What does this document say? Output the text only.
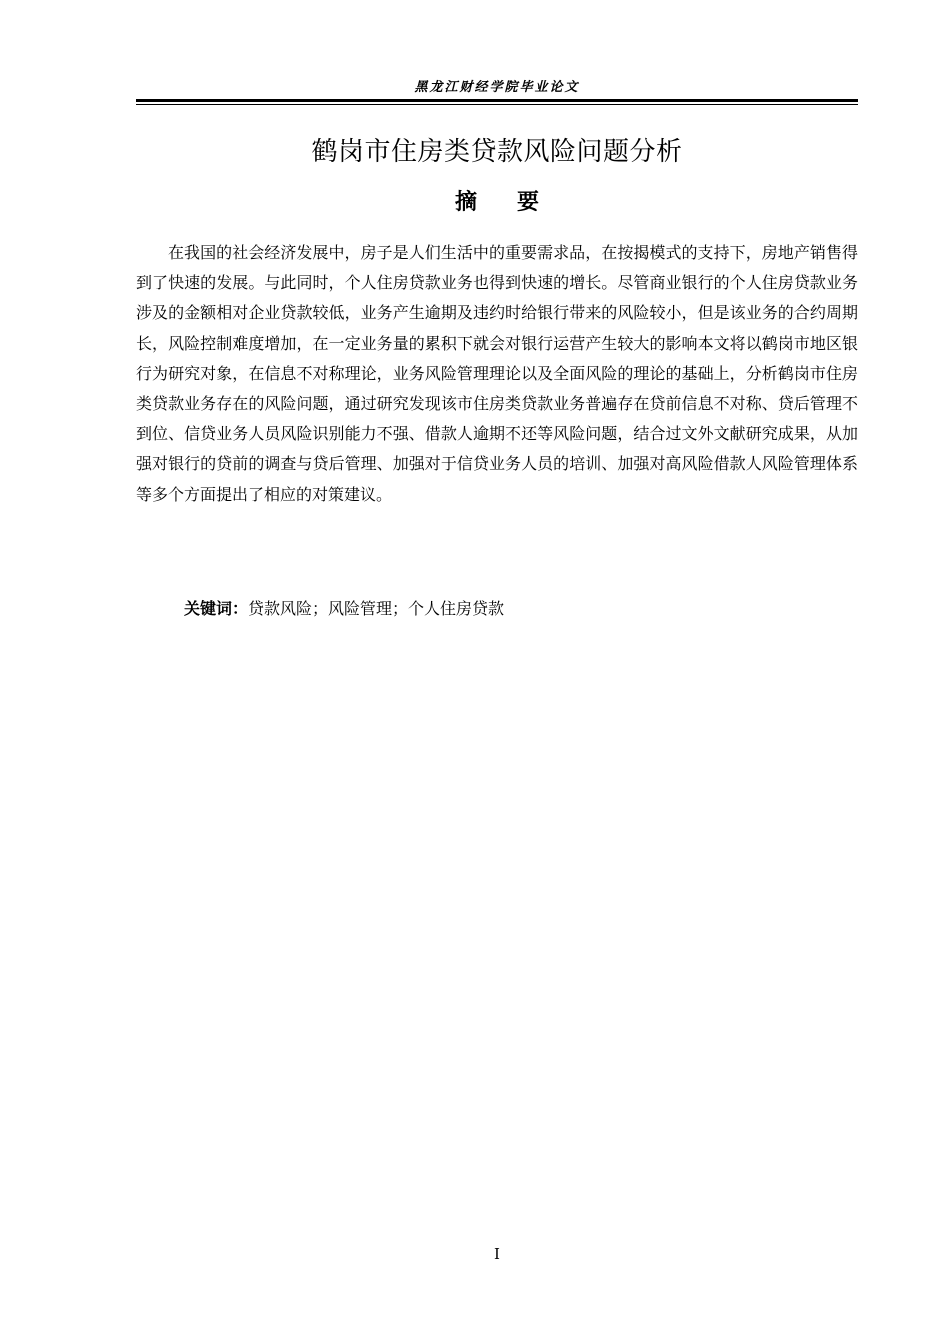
黑龙江财经学院毕业论文
鹤岗市住房类贷款风险问题分析
摘要

在我国的社会经济发展中，房子是人们生活中的重要需求品，在按揭模式的支持下，房地产销售得到了快速的发展。与此同时，个人住房贷款业务也得到快速的增长。尽管商业银行的个人住房贷款业务涉及的金额相对企业贷款较低，业务产生逾期及违约时给银行带来的风险较小，但是该业务的合约周期长，风险控制难度增加，在一定业务量的累积下就会对银行运营产生较大的影响本文将以鹤岗市地区银行为研究对象，在信息不对称理论，业务风险管理理论以及全面风险的理论的基础上，分析鹤岗市住房类贷款业务存在的风险问题，通过研究发现该市住房类贷款业务普遍存在贷前信息不对称、贷后管理不到位、信贷业务人员风险识别能力不强、借款人逾期不还等风险问题，结合过文外文献研究成果，从加强对银行的贷前的调查与贷后管理、加强对于信贷业务人员的培训、加强对高风险借款人风险管理体系等多个方面提出了相应的对策建议。

关键词：贷款风险；风险管理；个人住房贷款
I
